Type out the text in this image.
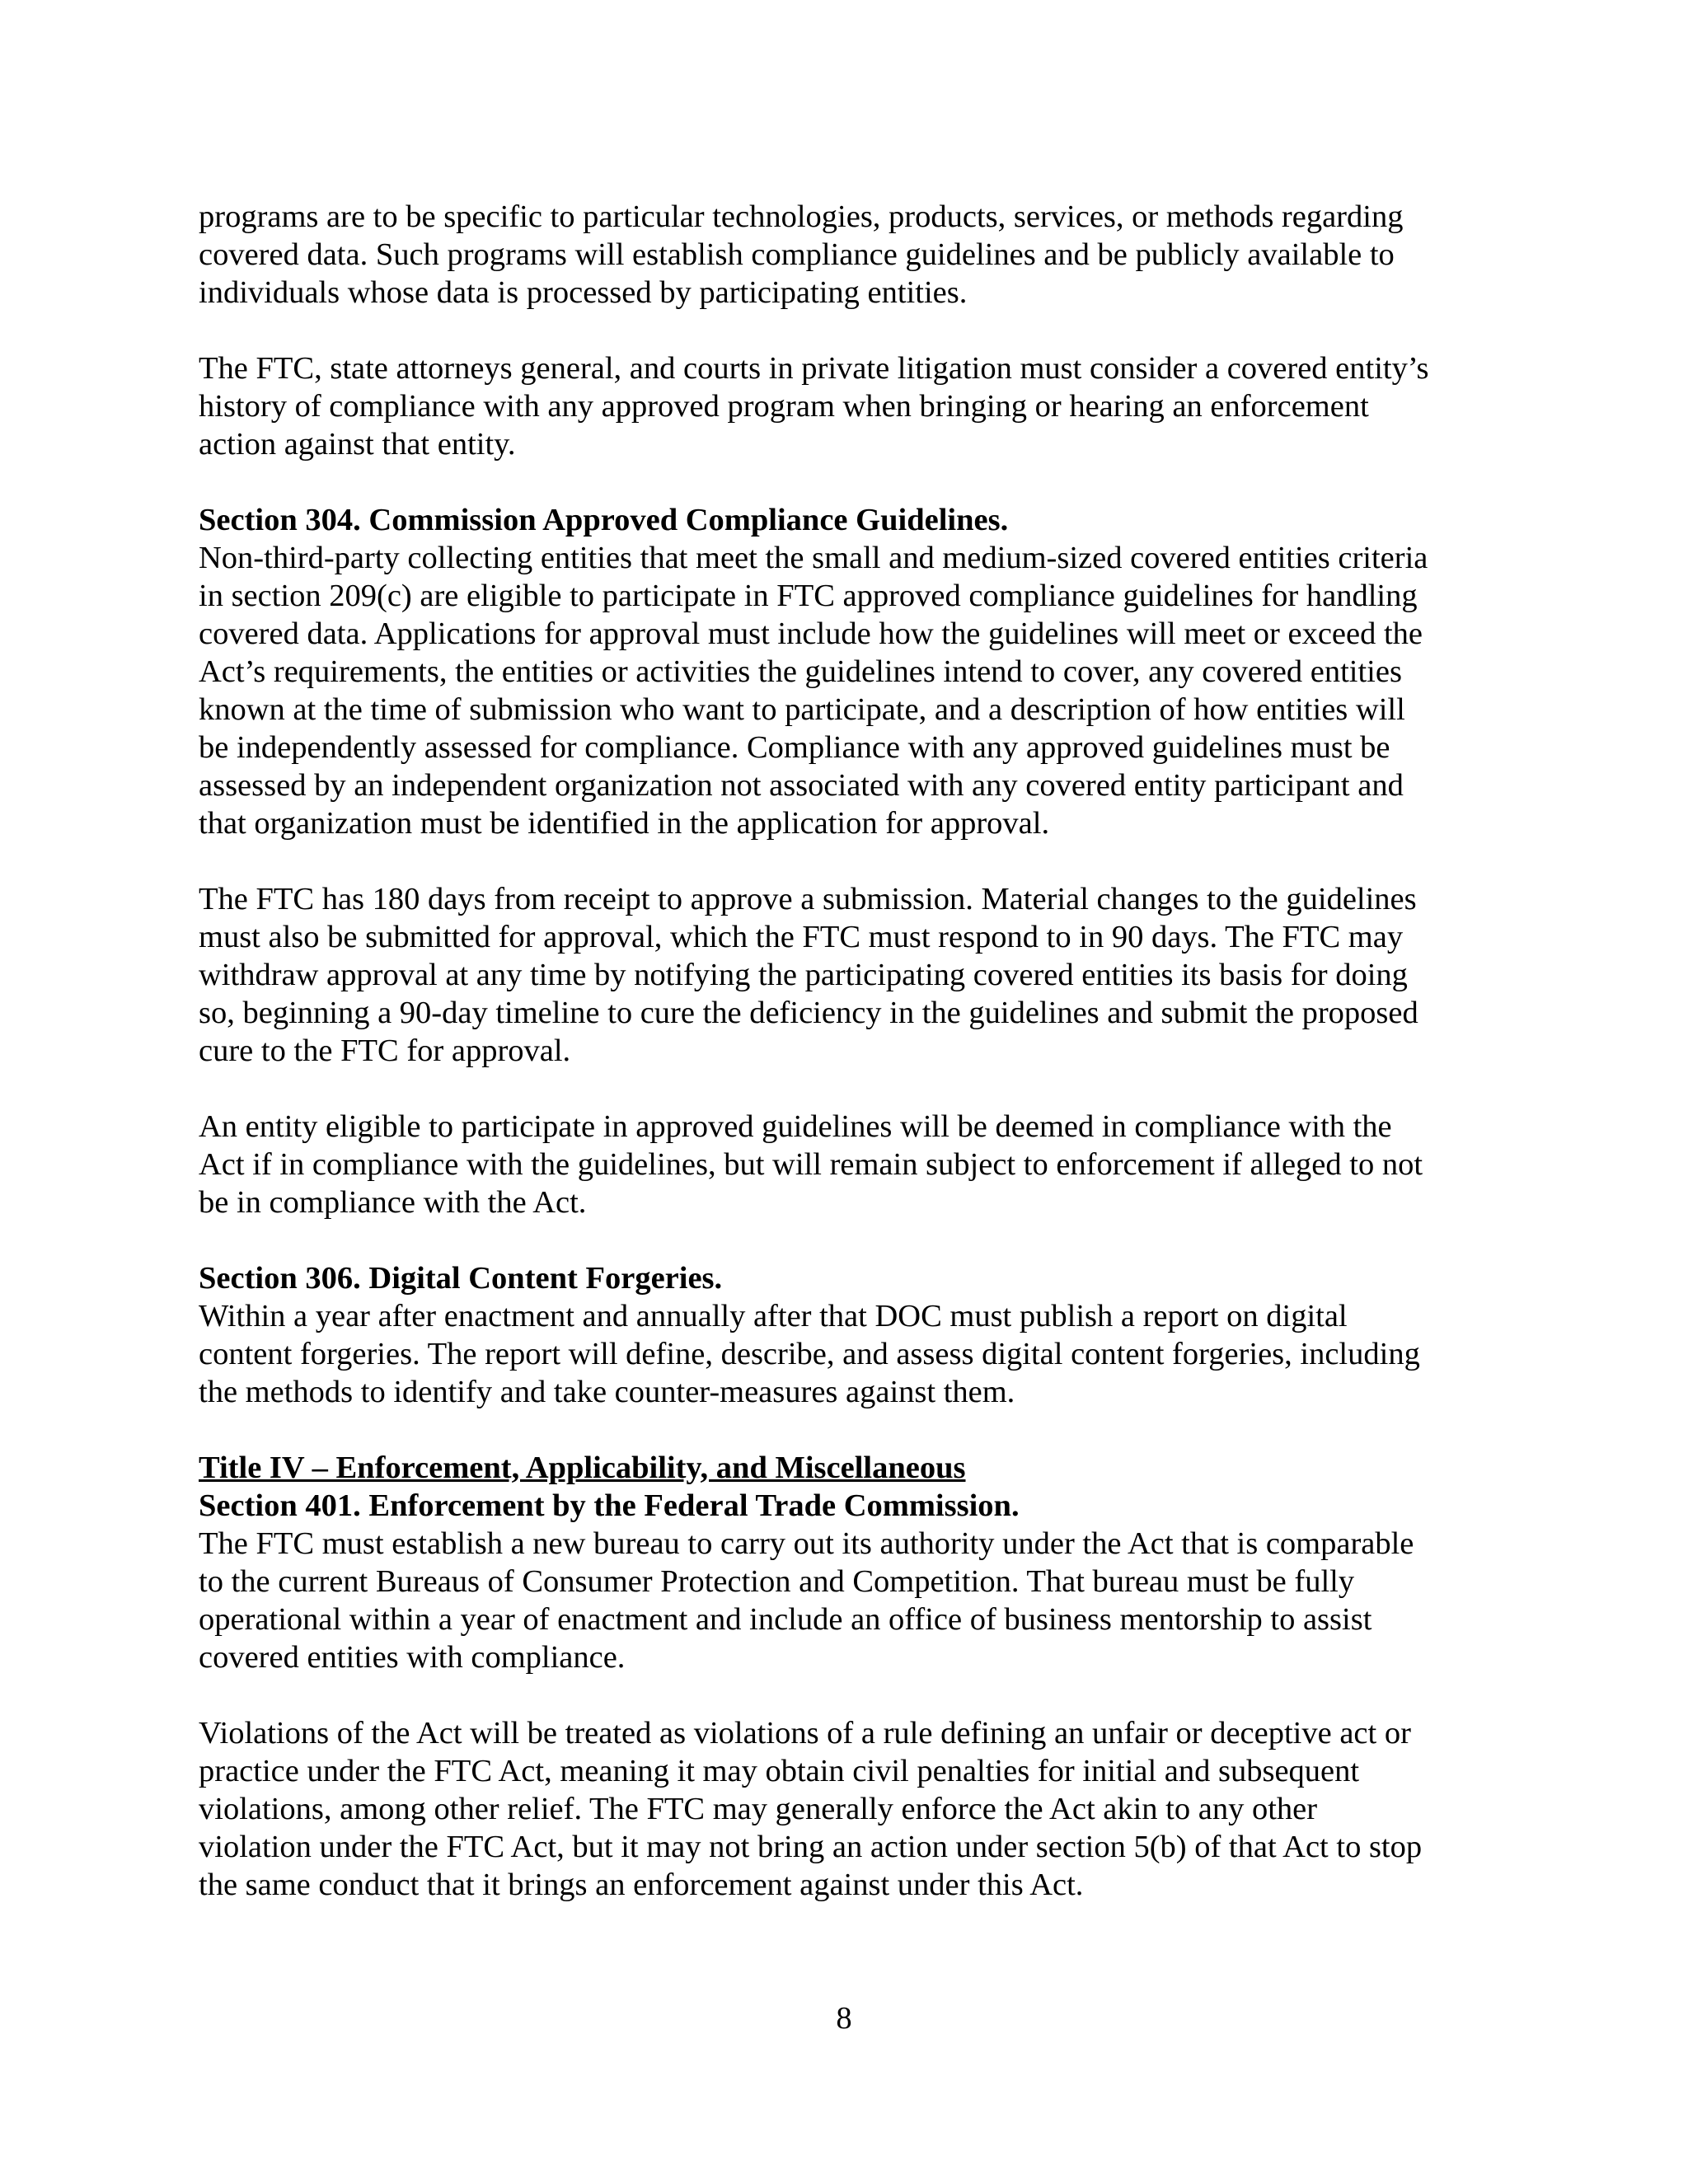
programs are to be specific to particular technologies, products, services, or methods regarding
covered data. Such programs will establish compliance guidelines and be publicly available to
individuals whose data is processed by participating entities.

The FTC, state attorneys general, and courts in private litigation must consider a covered entity’s
history of compliance with any approved program when bringing or hearing an enforcement
action against that entity.

Section 304. Commission Approved Compliance Guidelines.

Non-third-party collecting entities that meet the small and medium-sized covered entities criteria
in section 209(c) are eligible to participate in FTC approved compliance guidelines for handling
covered data. Applications for approval must include how the guidelines will meet or exceed the
Act’s requirements, the entities or activities the guidelines intend to cover, any covered entities
known at the time of submission who want to participate, and a description of how entities will
be independently assessed for compliance. Compliance with any approved guidelines must be
assessed by an independent organization not associated with any covered entity participant and
that organization must be identified in the application for approval.

The FTC has 180 days from receipt to approve a submission. Material changes to the guidelines
must also be submitted for approval, which the FTC must respond to in 90 days. The FTC may
withdraw approval at any time by notifying the participating covered entities its basis for doing
so, beginning a 90-day timeline to cure the deficiency in the guidelines and submit the proposed
cure to the FTC for approval.

An entity eligible to participate in approved guidelines will be deemed in compliance with the
Act if in compliance with the guidelines, but will remain subject to enforcement if alleged to not
be in compliance with the Act.

Section 306. Digital Content Forgeries.

Within a year after enactment and annually after that DOC must publish a report on digital
content forgeries. The report will define, describe, and assess digital content forgeries, including
the methods to identify and take counter-measures against them.

Title IV – Enforcement, Applicability, and Miscellaneous

Section 401. Enforcement by the Federal Trade Commission.

The FTC must establish a new bureau to carry out its authority under the Act that is comparable
to the current Bureaus of Consumer Protection and Competition. That bureau must be fully
operational within a year of enactment and include an office of business mentorship to assist
covered entities with compliance.

Violations of the Act will be treated as violations of a rule defining an unfair or deceptive act or
practice under the FTC Act, meaning it may obtain civil penalties for initial and subsequent
violations, among other relief. The FTC may generally enforce the Act akin to any other
violation under the FTC Act, but it may not bring an action under section 5(b) of that Act to stop
the same conduct that it brings an enforcement against under this Act.

8
